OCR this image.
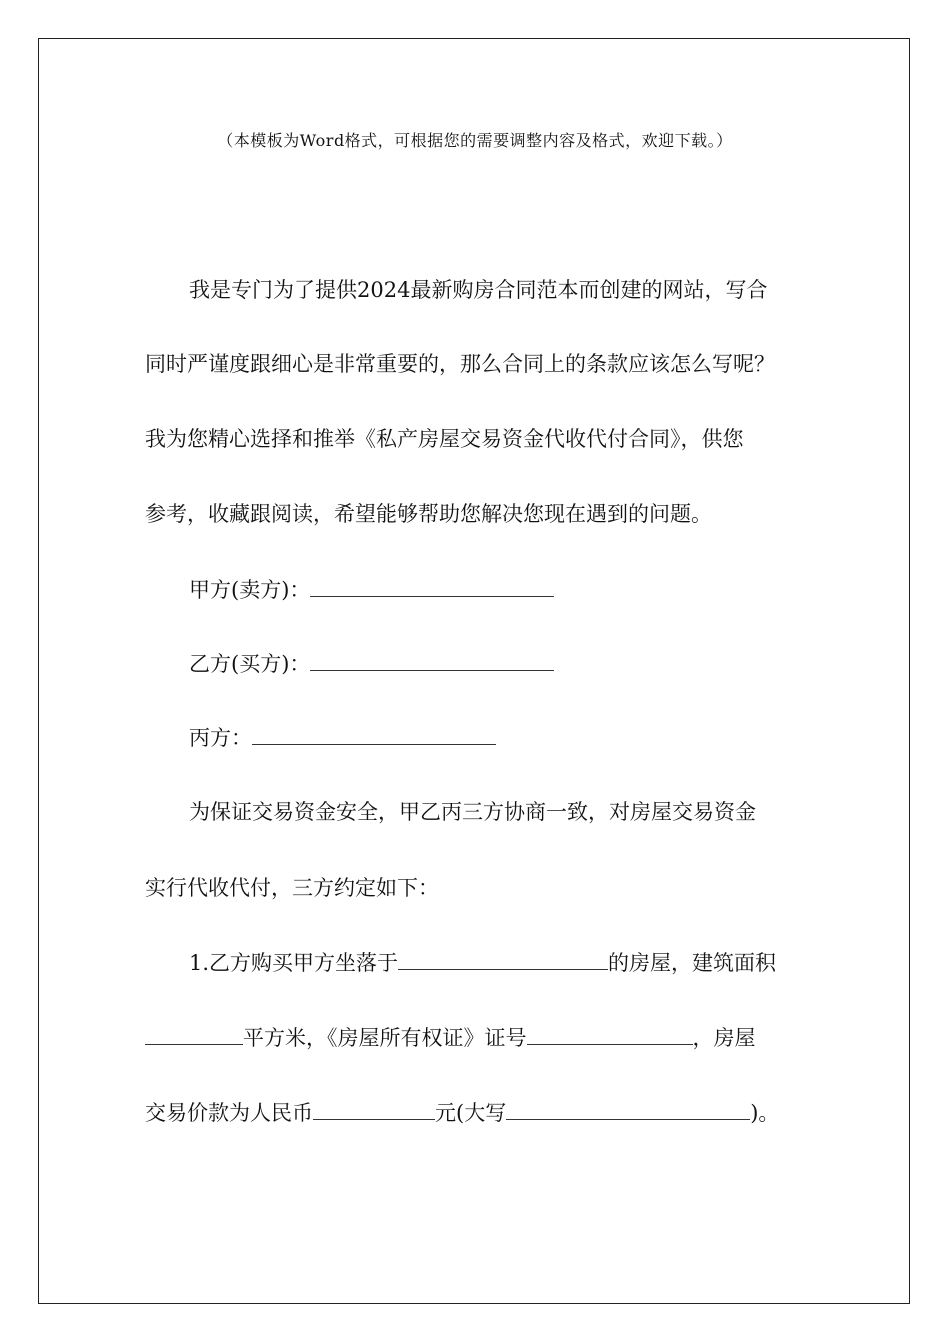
（本模板为Word格式，可根据您的需要调整内容及格式，欢迎下载。）
我是专门为了提供2024最新购房合同范本而创建的网站，写合
同时严谨度跟细心是非常重要的，那么合同上的条款应该怎么写呢？
我为您精心选择和推举《私产房屋交易资金代收代付合同》，供您
参考，收藏跟阅读，希望能够帮助您解决您现在遇到的问题。
甲方(卖方)：
乙方(买方)：
丙方：
为保证交易资金安全，甲乙丙三方协商一致，对房屋交易资金
实行代收代付，三方约定如下：
1.乙方购买甲方坐落于	的房屋，建筑面积
平方米，《房屋所有权证》证号	，房屋
交易价款为人民币	元(大写	)。
